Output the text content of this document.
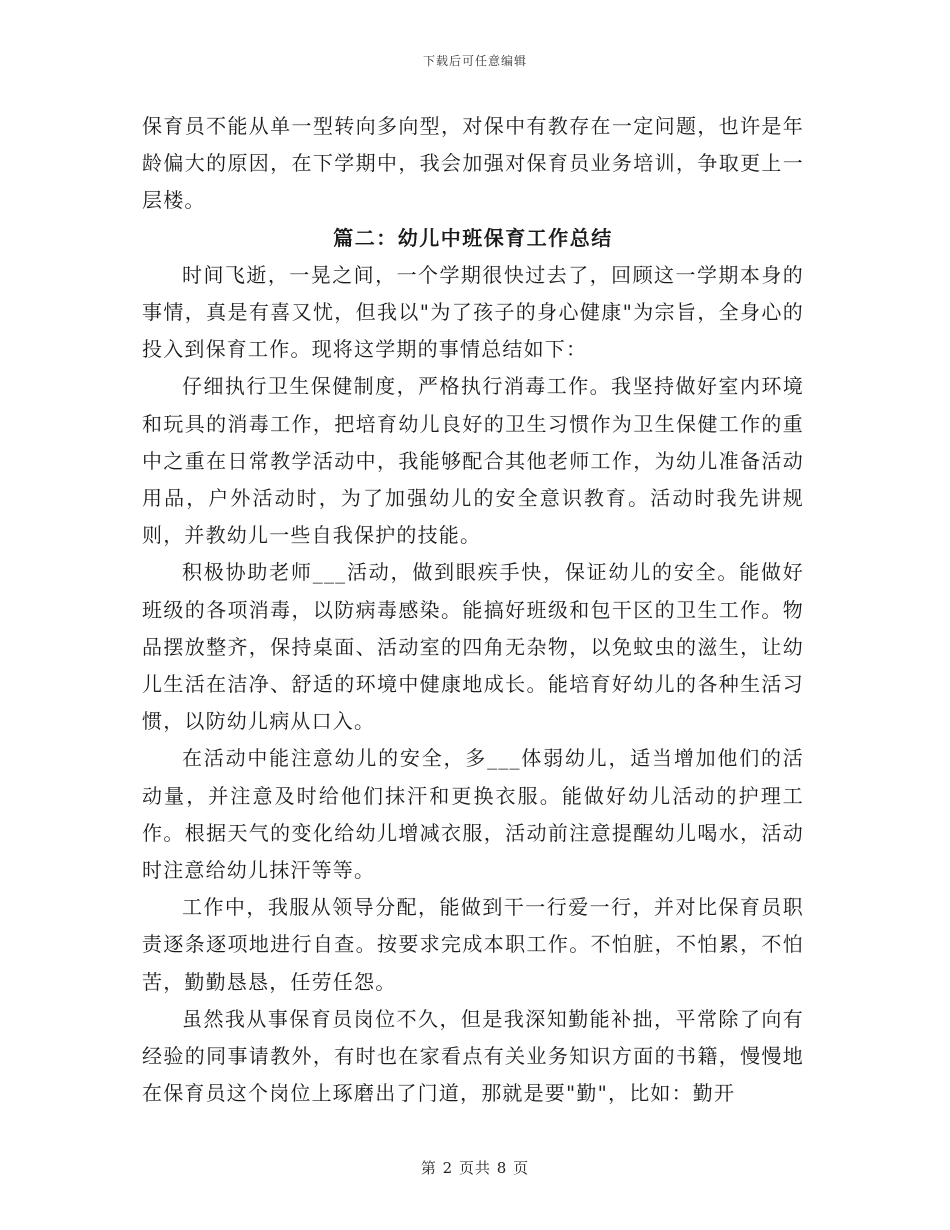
下载后可任意编辑

保育员不能从单一型转向多向型，对保中有教存在一定问题，也许是年龄偏大的原因，在下学期中，我会加强对保育员业务培训，争取更上一层楼。

篇二：幼儿中班保育工作总结

时间飞逝，一晃之间，一个学期很快过去了，回顾这一学期本身的事情，真是有喜又忧，但我以"为了孩子的身心健康"为宗旨，全身心的投入到保育工作。现将这学期的事情总结如下：

仔细执行卫生保健制度，严格执行消毒工作。我坚持做好室内环境和玩具的消毒工作，把培育幼儿良好的卫生习惯作为卫生保健工作的重中之重在日常教学活动中，我能够配合其他老师工作，为幼儿准备活动用品，户外活动时，为了加强幼儿的安全意识教育。活动时我先讲规则，并教幼儿一些自我保护的技能。

积极协助老师___活动，做到眼疾手快，保证幼儿的安全。能做好班级的各项消毒，以防病毒感染。能搞好班级和包干区的卫生工作。物品摆放整齐，保持桌面、活动室的四角无杂物，以免蚊虫的滋生，让幼儿生活在洁净、舒适的环境中健康地成长。能培育好幼儿的各种生活习惯，以防幼儿病从口入。

在活动中能注意幼儿的安全，多___体弱幼儿，适当增加他们的活动量，并注意及时给他们抹汗和更换衣服。能做好幼儿活动的护理工作。根据天气的变化给幼儿增减衣服，活动前注意提醒幼儿喝水，活动时注意给幼儿抹汗等等。

工作中，我服从领导分配，能做到干一行爱一行，并对比保育员职责逐条逐项地进行自查。按要求完成本职工作。不怕脏，不怕累，不怕苦，勤勤恳恳，任劳任怨。

虽然我从事保育员岗位不久，但是我深知勤能补拙，平常除了向有经验的同事请教外，有时也在家看点有关业务知识方面的书籍，慢慢地在保育员这个岗位上琢磨出了门道，那就是要"勤"，比如：勤开

第 2 页共 8 页
